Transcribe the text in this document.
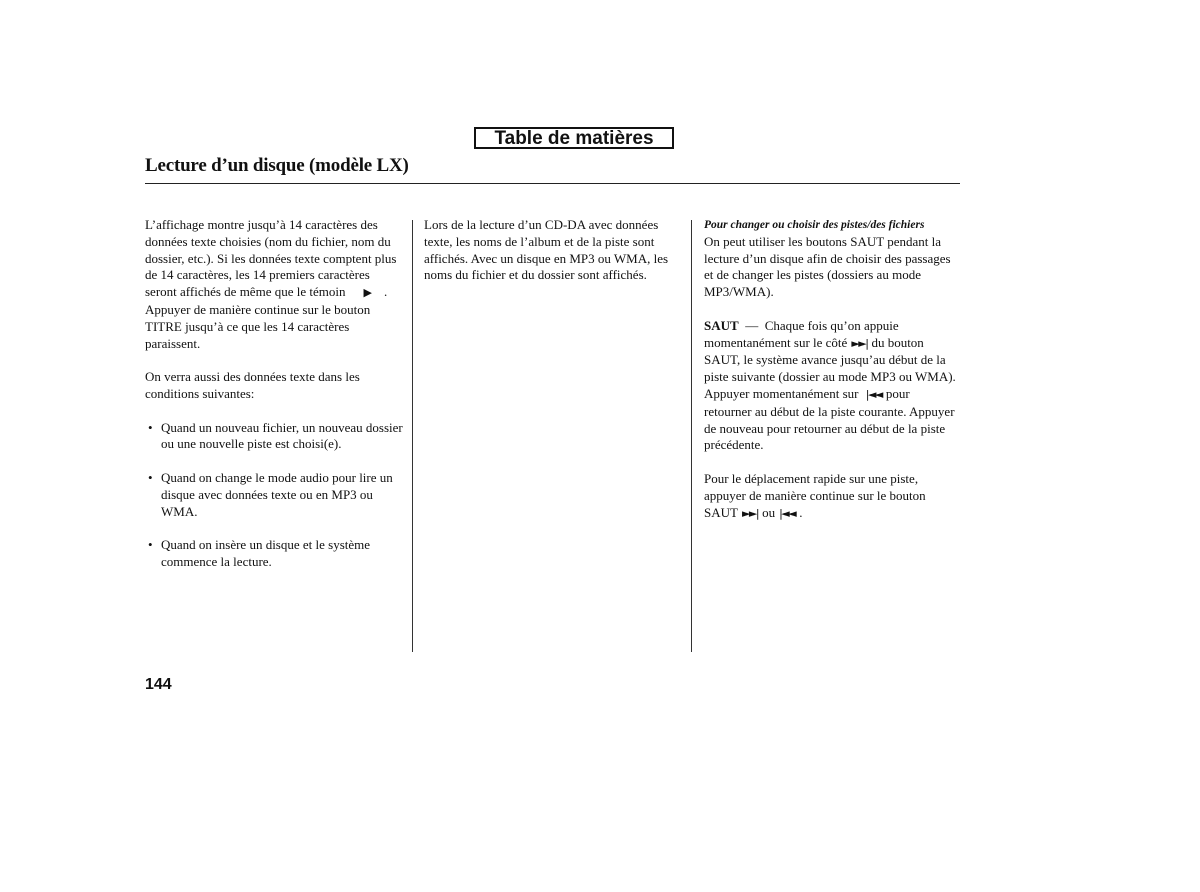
Table de matières
Lecture d’un disque (modèle LX)

L’affichage montre jusqu’à 14 caractères des données texte choisies (nom du fichier, nom du dossier, etc.). Si les données texte comptent plus de 14 caractères, les 14 premiers caractères seront affichés de même que le témoin ▶ . Appuyer de manière continue sur le bouton TITRE jusqu’à ce que les 14 caractères paraissent.

On verra aussi des données texte dans les conditions suivantes:

• Quand un nouveau fichier, un nouveau dossier ou une nouvelle piste est choisi(e).
• Quand on change le mode audio pour lire un disque avec données texte ou en MP3 ou WMA.
• Quand on insère un disque et le système commence la lecture.

Lors de la lecture d’un CD-DA avec données texte, les noms de l’album et de la piste sont affichés. Avec un disque en MP3 ou WMA, les noms du fichier et du dossier sont affichés.

Pour changer ou choisir des pistes/des fichiers

On peut utiliser les boutons SAUT pendant la lecture d’un disque afin de choisir des passages et de changer les pistes (dossiers au mode MP3/WMA).

SAUT — Chaque fois qu’on appuie momentanément sur le côté ►►| du bouton SAUT, le système avance jusqu’au début de la piste suivante (dossier au mode MP3 ou WMA). Appuyer momentanément sur |◄◄ pour retourner au début de la piste courante. Appuyer de nouveau pour retourner au début de la piste précédente.

Pour le déplacement rapide sur une piste, appuyer de manière continue sur le bouton SAUT ►►| ou |◄◄ .

144
